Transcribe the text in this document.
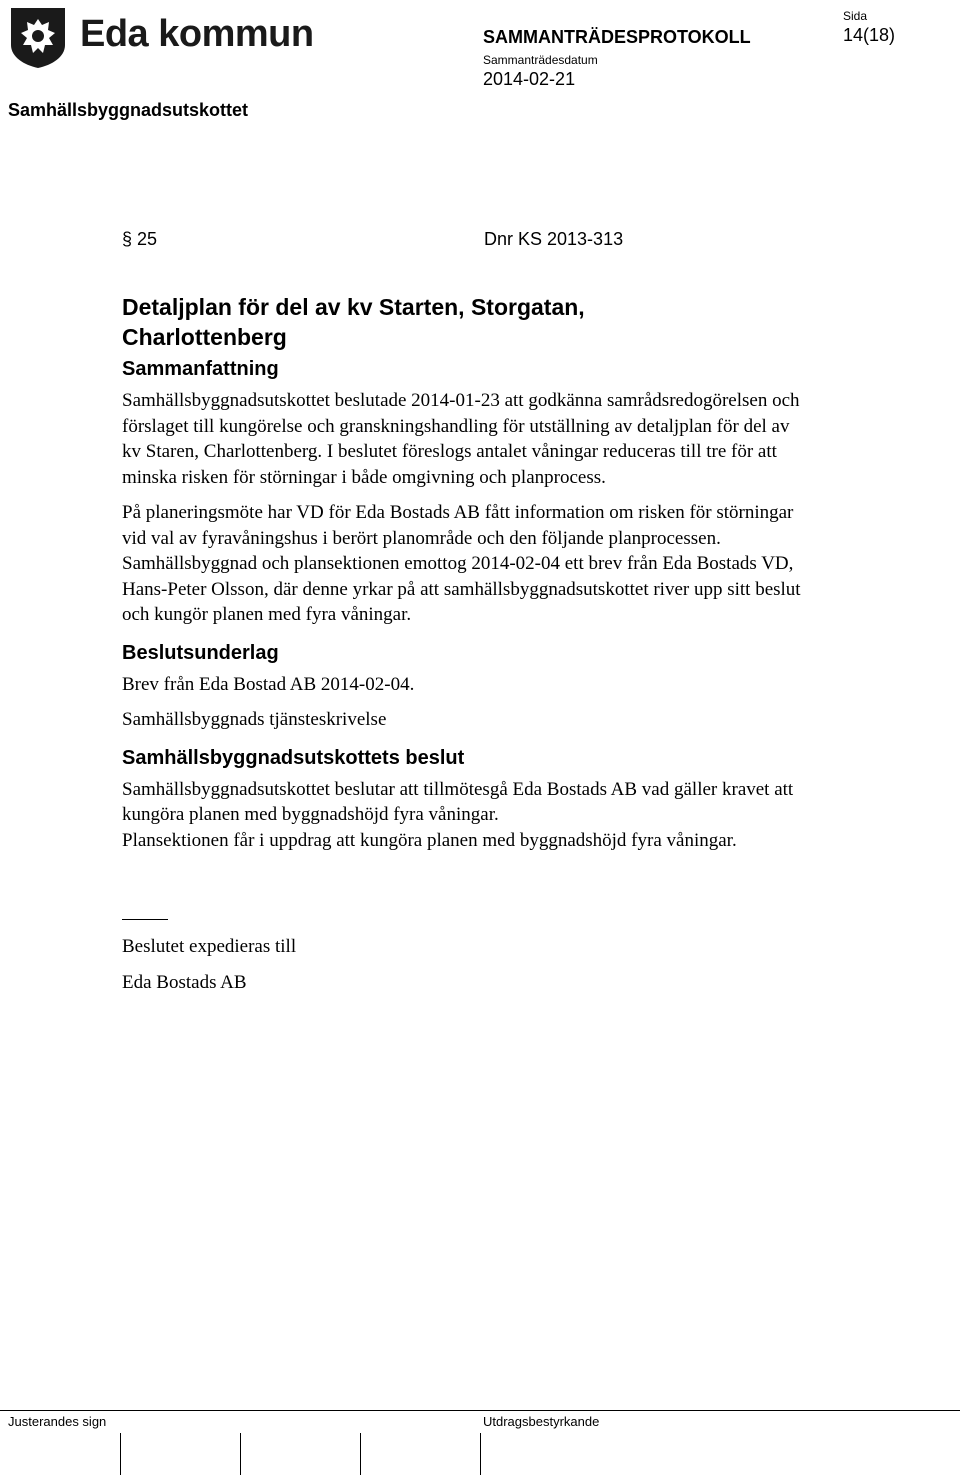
Eda kommun
Samhällsbyggnadsutskottet
SAMMANTRÄDESPROTOKOLL
Sammanträdesdatum
2014-02-21
Sida
14(18)
§ 25	Dnr KS 2013-313
Detaljplan för del av kv Starten, Storgatan,
Charlottenberg
Sammanfattning

Samhällsbyggnadsutskottet beslutade 2014-01-23 att godkänna samrådsredogörelsen och förslaget till kungörelse och granskningshandling för utställning av detaljplan för del av kv Staren, Charlottenberg. I beslutet föreslogs antalet våningar reduceras till tre för att minska risken för störningar i både omgivning och planprocess.

På planeringsmöte har VD för Eda Bostads AB fått information om risken för störningar vid val av fyravåningshus i berört planområde och den följande planprocessen. Samhällsbyggnad och plansektionen emottog 2014-02-04 ett brev från Eda Bostads VD, Hans-Peter Olsson, där denne yrkar på att samhällsbyggnadsutskottet river upp sitt beslut och kungör planen med fyra våningar.

Beslutsunderlag

Brev från Eda Bostad AB 2014-02-04.

Samhällsbyggnads tjänsteskrivelse

Samhällsbyggnadsutskottets beslut

Samhällsbyggnadsutskottet beslutar att tillmötesgå Eda Bostads AB vad gäller kravet att kungöra planen med byggnadshöjd fyra våningar.

Plansektionen får i uppdrag att kungöra planen med byggnadshöjd fyra våningar.

Beslutet expedieras till

Eda Bostads AB

Justerandes sign	Utdragsbestyrkande
